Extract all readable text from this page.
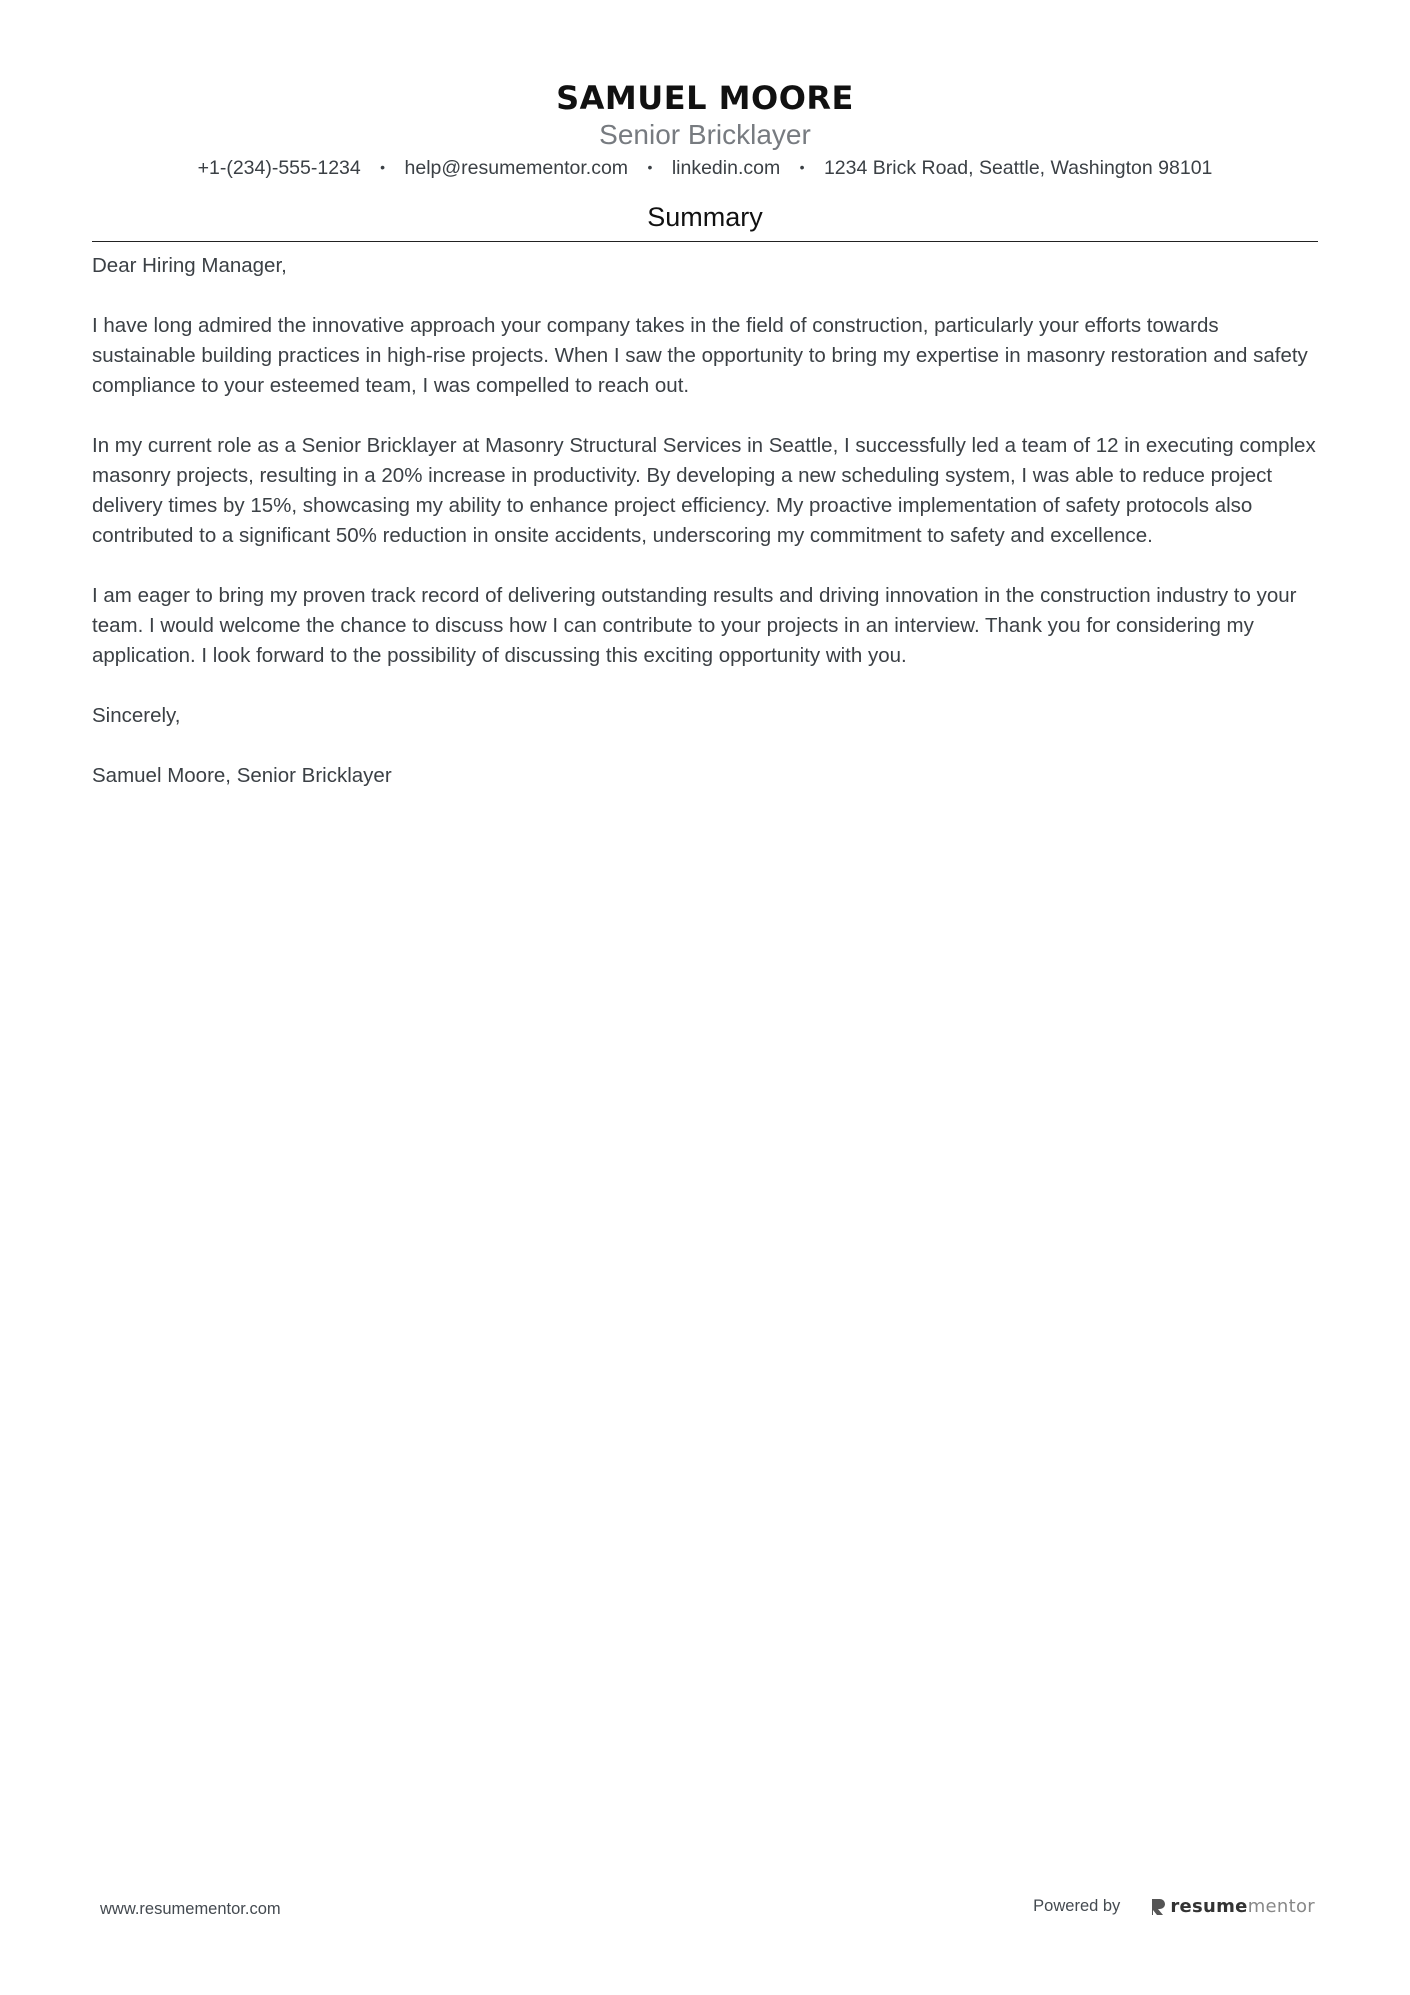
SAMUEL MOORE
Senior Bricklayer
+1-(234)-555-1234 • help@resumementor.com • linkedin.com • 1234 Brick Road, Seattle, Washington 98101
Summary

Dear Hiring Manager,

I have long admired the innovative approach your company takes in the field of construction, particularly your efforts towards sustainable building practices in high-rise projects. When I saw the opportunity to bring my expertise in masonry restoration and safety compliance to your esteemed team, I was compelled to reach out.

In my current role as a Senior Bricklayer at Masonry Structural Services in Seattle, I successfully led a team of 12 in executing complex masonry projects, resulting in a 20% increase in productivity. By developing a new scheduling system, I was able to reduce project delivery times by 15%, showcasing my ability to enhance project efficiency. My proactive implementation of safety protocols also contributed to a significant 50% reduction in onsite accidents, underscoring my commitment to safety and excellence.

I am eager to bring my proven track record of delivering outstanding results and driving innovation in the construction industry to your team. I would welcome the chance to discuss how I can contribute to your projects in an interview. Thank you for considering my application. I look forward to the possibility of discussing this exciting opportunity with you.

Sincerely,

Samuel Moore, Senior Bricklayer

www.resumementor.com	Powered by	resume mentor
